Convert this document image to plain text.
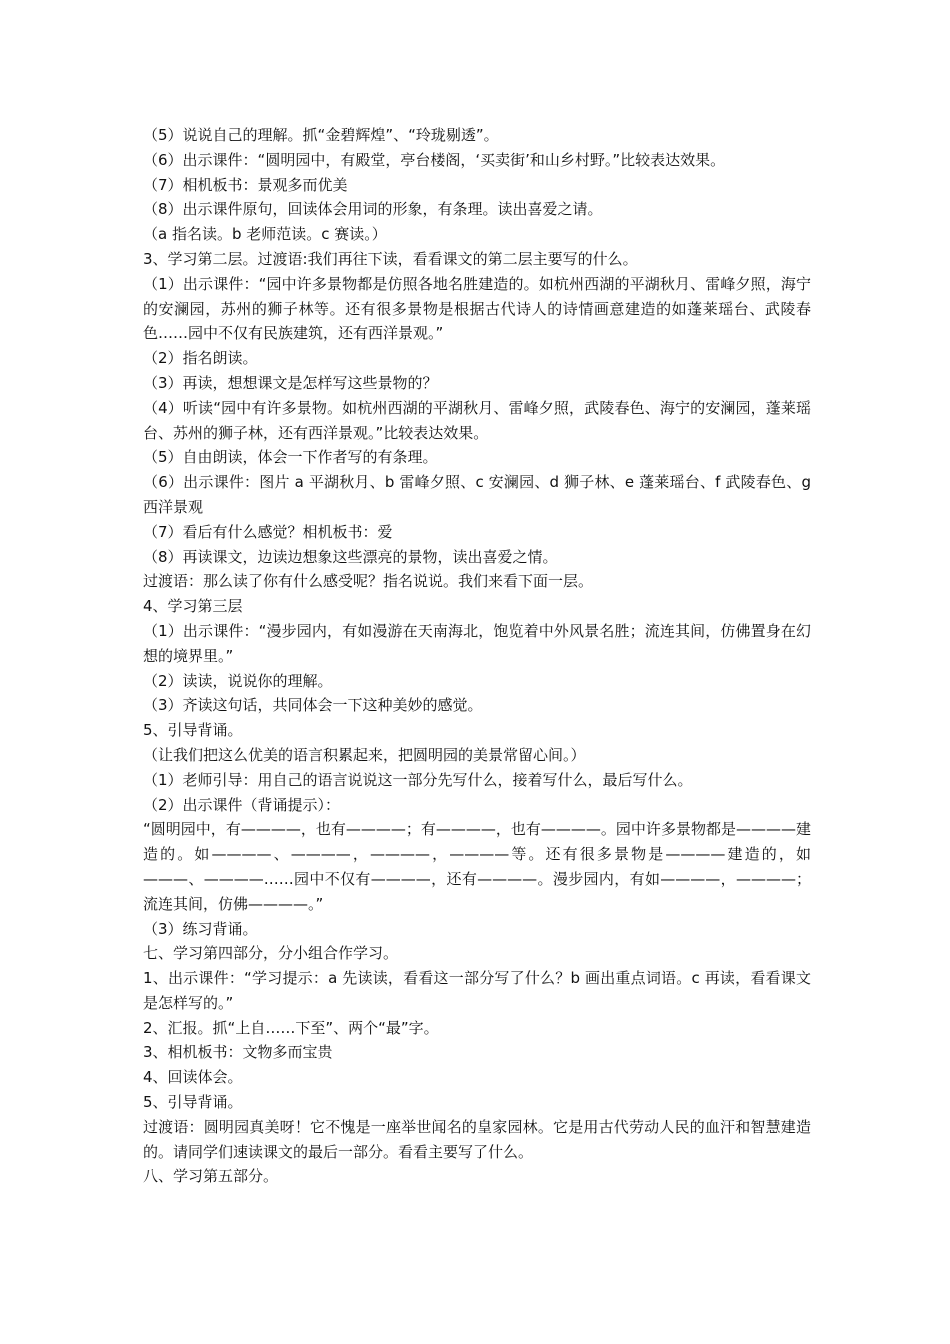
（5）说说自己的理解。抓“金碧辉煌”、“玲珑剔透”。
（6）出示课件：“圆明园中，有殿堂，亭台楼阁，‘买卖街’和山乡村野。”比较表达效果。
（7）相机板书：景观多而优美
（8）出示课件原句，回读体会用词的形象，有条理。读出喜爱之请。
（a 指名读。b 老师范读。c 赛读。）
3、学习第二层。过渡语:我们再往下读，看看课文的第二层主要写的什么。
（1）出示课件：“园中许多景物都是仿照各地名胜建造的。如杭州西湖的平湖秋月、雷峰夕照，海宁的安澜园，苏州的狮子林等。还有很多景物是根据古代诗人的诗情画意建造的如蓬莱瑶台、武陵春色……园中不仅有民族建筑，还有西洋景观。”
（2）指名朗读。
（3）再读，想想课文是怎样写这些景物的？
（4）听读“园中有许多景物。如杭州西湖的平湖秋月、雷峰夕照，武陵春色、海宁的安澜园，蓬莱瑶台、苏州的狮子林，还有西洋景观。”比较表达效果。
（5）自由朗读，体会一下作者写的有条理。
（6）出示课件：图片 a 平湖秋月、b 雷峰夕照、c 安澜园、d 狮子林、e 蓬莱瑶台、f 武陵春色、g 西洋景观
（7）看后有什么感觉？相机板书：爱
（8）再读课文，边读边想象这些漂亮的景物，读出喜爱之情。
过渡语：那么读了你有什么感受呢？指名说说。我们来看下面一层。
4、学习第三层
（1）出示课件：“漫步园内，有如漫游在天南海北，饱览着中外风景名胜；流连其间，仿佛置身在幻想的境界里。”
（2）读读，说说你的理解。
（3）齐读这句话，共同体会一下这种美妙的感觉。
5、引导背诵。
（让我们把这么优美的语言积累起来，把圆明园的美景常留心间。）
（1）老师引导：用自己的语言说说这一部分先写什么，接着写什么，最后写什么。
（2）出示课件（背诵提示）：
“圆明园中，有————，也有————；有————，也有————。园中许多景物都是————建造的。如————、————，————，————等。还有很多景物是————建造的，如———、————……园中不仅有————，还有————。漫步园内，有如————，————；流连其间，仿佛————。”
（3）练习背诵。
七、学习第四部分，分小组合作学习。
1、出示课件：“学习提示：a 先读读，看看这一部分写了什么？b 画出重点词语。c 再读，看看课文是怎样写的。”
2、汇报。抓“上自……下至”、两个“最”字。
3、相机板书：文物多而宝贵
4、回读体会。
5、引导背诵。
过渡语：圆明园真美呀！它不愧是一座举世闻名的皇家园林。它是用古代劳动人民的血汗和智慧建造的。请同学们速读课文的最后一部分。看看主要写了什么。
八、学习第五部分。
